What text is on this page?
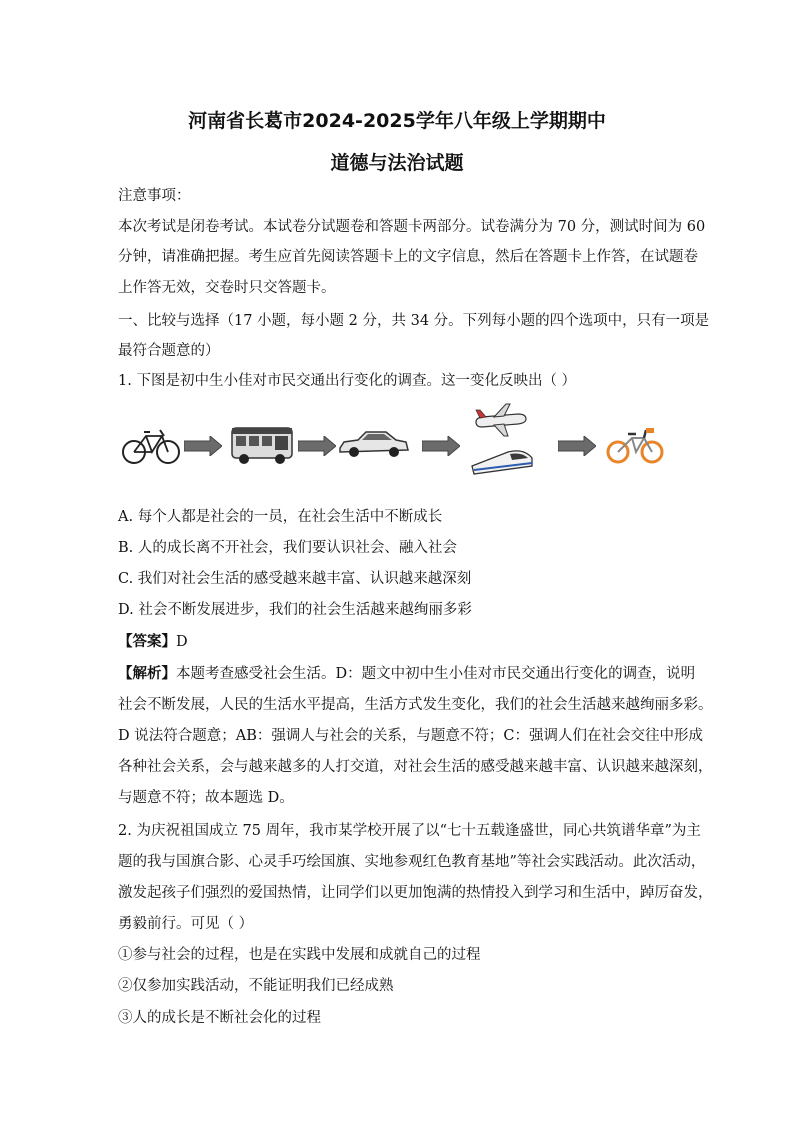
河南省长葛市2024-2025学年八年级上学期期中
道德与法治试题
注意事项：
本次考试是闭卷考试。本试卷分试题卷和答题卡两部分。试卷满分为 70 分，测试时间为 60
分钟，请准确把握。考生应首先阅读答题卡上的文字信息，然后在答题卡上作答，在试题卷
上作答无效，交卷时只交答题卡。
一、比较与选择（17 小题，每小题 2 分，共 34 分。下列每小题的四个选项中，只有一项是
最符合题意的）
1. 下图是初中生小佳对市民交通出行变化的调查。这一变化反映出（ ）
A. 每个人都是社会的一员，在社会生活中不断成长
B. 人的成长离不开社会，我们要认识社会、融入社会
C. 我们对社会生活的感受越来越丰富、认识越来越深刻
D. 社会不断发展进步，我们的社会生活越来越绚丽多彩
【答案】D
【解析】本题考查感受社会生活。D：题文中初中生小佳对市民交通出行变化的调查，说明
社会不断发展，人民的生活水平提高，生活方式发生变化，我们的社会生活越来越绚丽多彩。
D 说法符合题意；AB：强调人与社会的关系，与题意不符；C：强调人们在社会交往中形成
各种社会关系，会与越来越多的人打交道，对社会生活的感受越来越丰富、认识越来越深刻，
与题意不符；故本题选 D。
2. 为庆祝祖国成立 75 周年，我市某学校开展了以“七十五载逢盛世，同心共筑谱华章”为主
题的我与国旗合影、心灵手巧绘国旗、实地参观红色教育基地”等社会实践活动。此次活动，
激发起孩子们强烈的爱国热情，让同学们以更加饱满的热情投入到学习和生活中，踔厉奋发，
勇毅前行。可见（ ）
①参与社会的过程，也是在实践中发展和成就自己的过程
②仅参加实践活动，不能证明我们已经成熟
③人的成长是不断社会化的过程
